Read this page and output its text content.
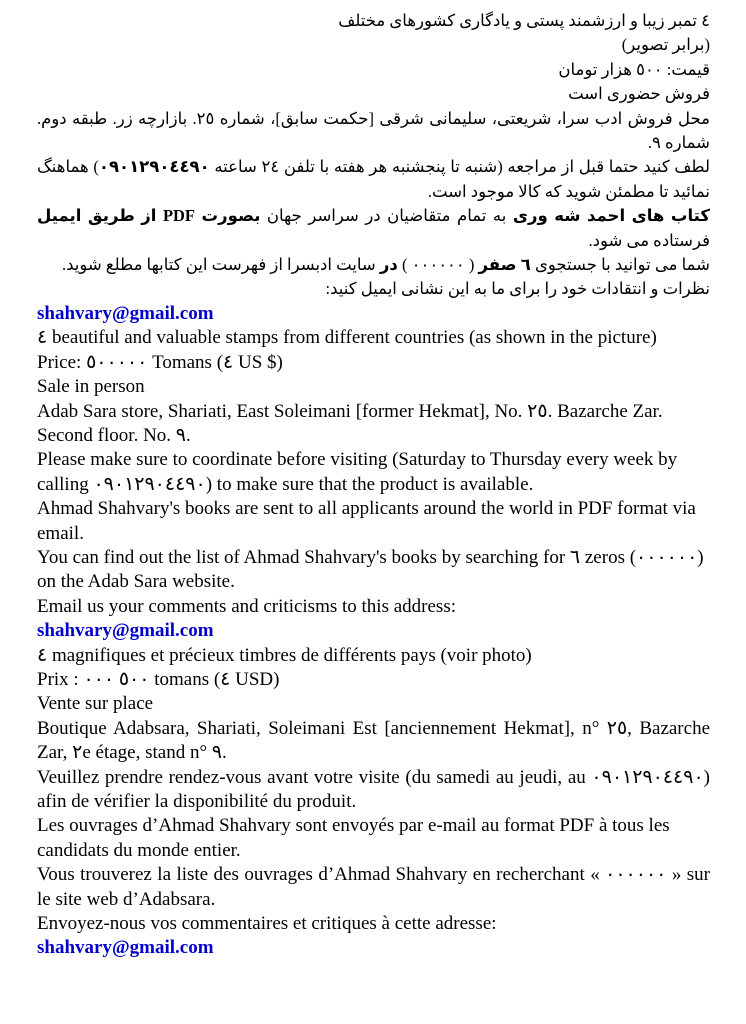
٤ تمبر زیبا و ارزشمند پستی و یادگاری کشورهای مختلف

(برابر تصویر)

قیمت: ٥٠٠ هزار تومان

فروش حضوری است

محل فروش ادب سرا، شریعتی، سلیمانی شرقی [حکمت سابق]، شماره ٢٥. بازارچه زر. طبقه دوم. شماره ٩.

لطف کنید حتما قبل از مراجعه (شنبه تا پنجشنبه هر هفته با تلفن ٢٤ ساعته ٠٩٠١٢٩٠٤٤٩٠) هماهنگ نمائید تا مطمئن شوید که کالا موجود است.

کتاب های احمد شه وری به تمام متقاضیان در سراسر جهان بصورت PDF از طریق ایمیل فرستاده می شود.

شما می توانید با جستجوی ٦ صفر ( ٠٠٠٠٠٠ ) در سایت ادبسرا از فهرست این کتابها مطلع شوید.

نظرات و انتقادات خود را برای ما به این نشانی ایمیل کنید:

shahvary@gmail.com

٤ beautiful and valuable stamps from different countries (as shown in the picture)

Price: ٥٠٠٠٠٠ Tomans (٤ US $)

Sale in person

Adab Sara store, Shariati, East Soleimani [former Hekmat], No. ٢٥. Bazarche Zar. Second floor. No. ٩.

Please make sure to coordinate before visiting (Saturday to Thursday every week by calling ٠٩٠١٢٩٠٤٤٩٠) to make sure that the product is available.

Ahmad Shahvary's books are sent to all applicants around the world in PDF format via email.

You can find out the list of Ahmad Shahvary's books by searching for ٦ zeros (٠٠٠٠٠٠) on the Adab Sara website.

Email us your comments and criticisms to this address:

shahvary@gmail.com

٤ magnifiques et précieux timbres de différents pays (voir photo)

Prix : ٥٠٠ ٠٠٠ tomans (٤ USD)

Vente sur place

Boutique Adabsara, Shariati, Soleimani Est [anciennement Hekmat], n° ٢٥, Bazarche Zar, ٢e étage, stand n° ٩.

Veuillez prendre rendez-vous avant votre visite (du samedi au jeudi, au ٠٩٠١٢٩٠٤٤٩٠) afin de vérifier la disponibilité du produit.

Les ouvrages d’Ahmad Shahvary sont envoyés par e-mail au format PDF à tous les candidats du monde entier.

Vous trouverez la liste des ouvrages d’Ahmad Shahvary en recherchant « ٠٠٠٠٠٠ » sur le site web d’Adabsara.

Envoyez-nous vos commentaires et critiques à cette adresse:

shahvary@gmail.com
